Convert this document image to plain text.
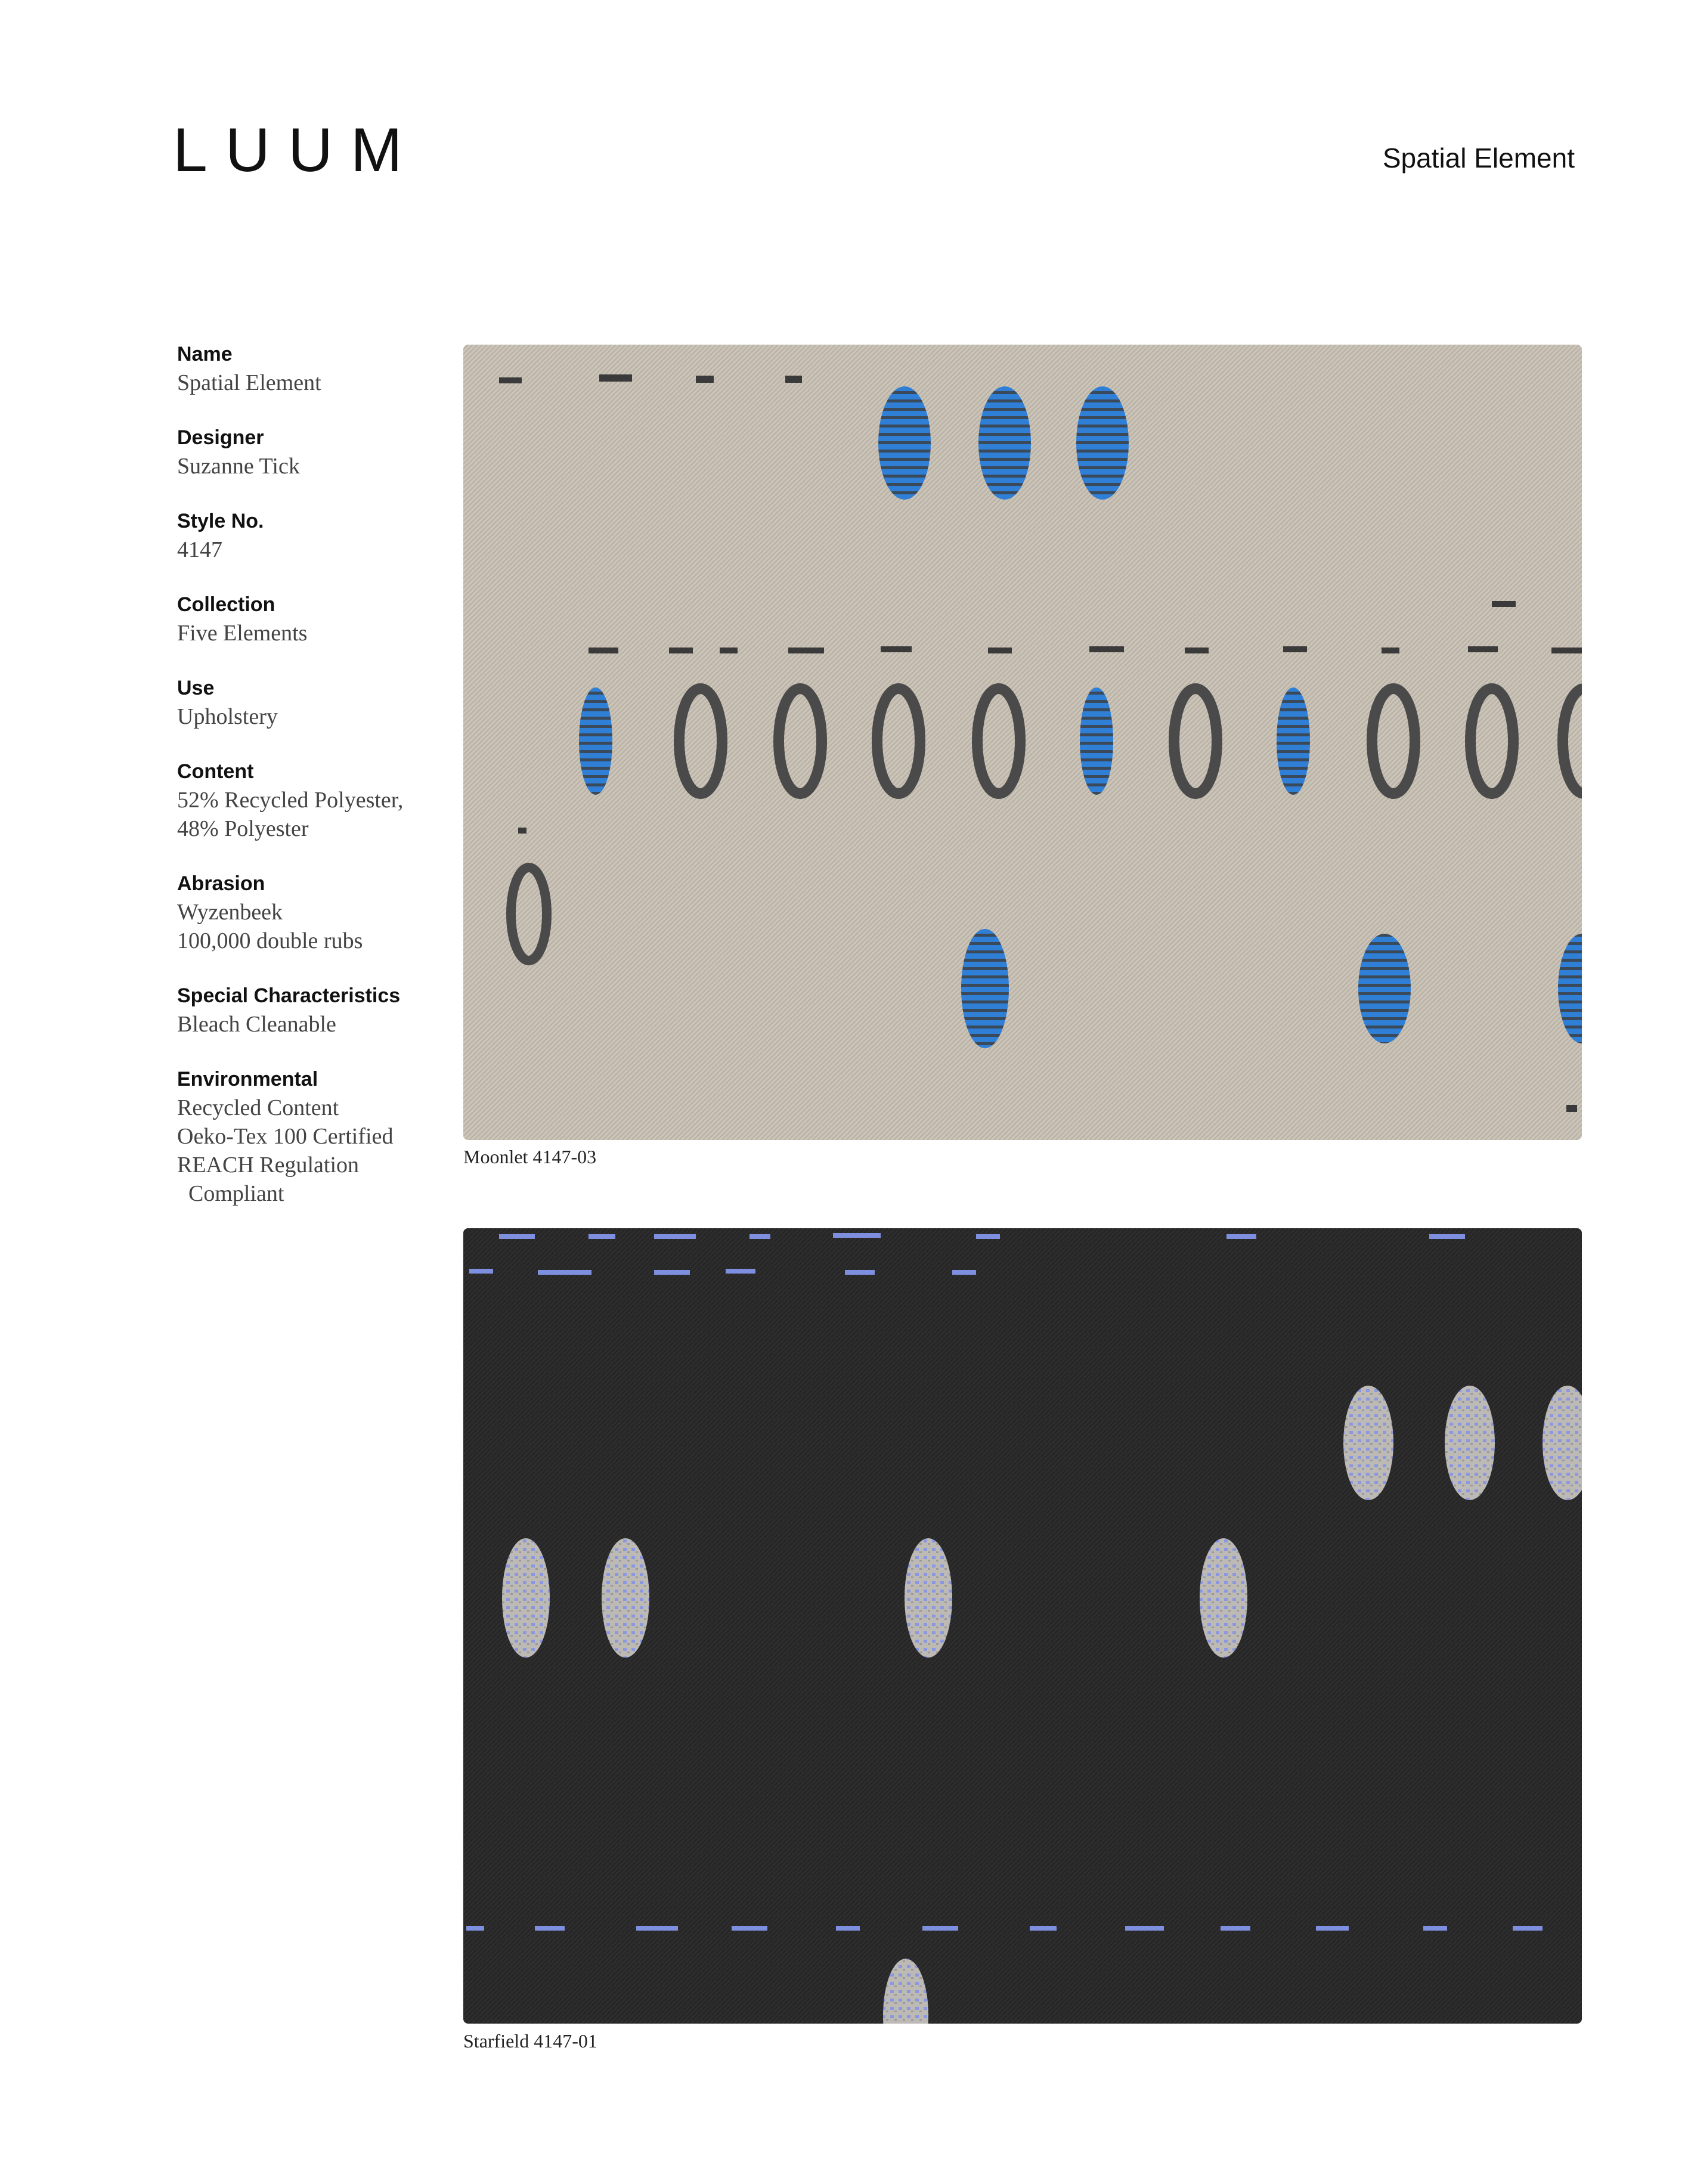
LUUM	Spatial Element
Name
Spatial Element
Designer
Suzanne Tick
Style No.
4147
Collection
Five Elements
Use
Upholstery
Content
52% Recycled Polyester,
48% Polyester
Abrasion
Wyzenbeek
100,000 double rubs
Special Characteristics
Bleach Cleanable
Environmental
Recycled Content
Oeko-Tex 100 Certified
REACH Regulation
Compliant
Moonlet 4147-03
Starfield 4147-01
